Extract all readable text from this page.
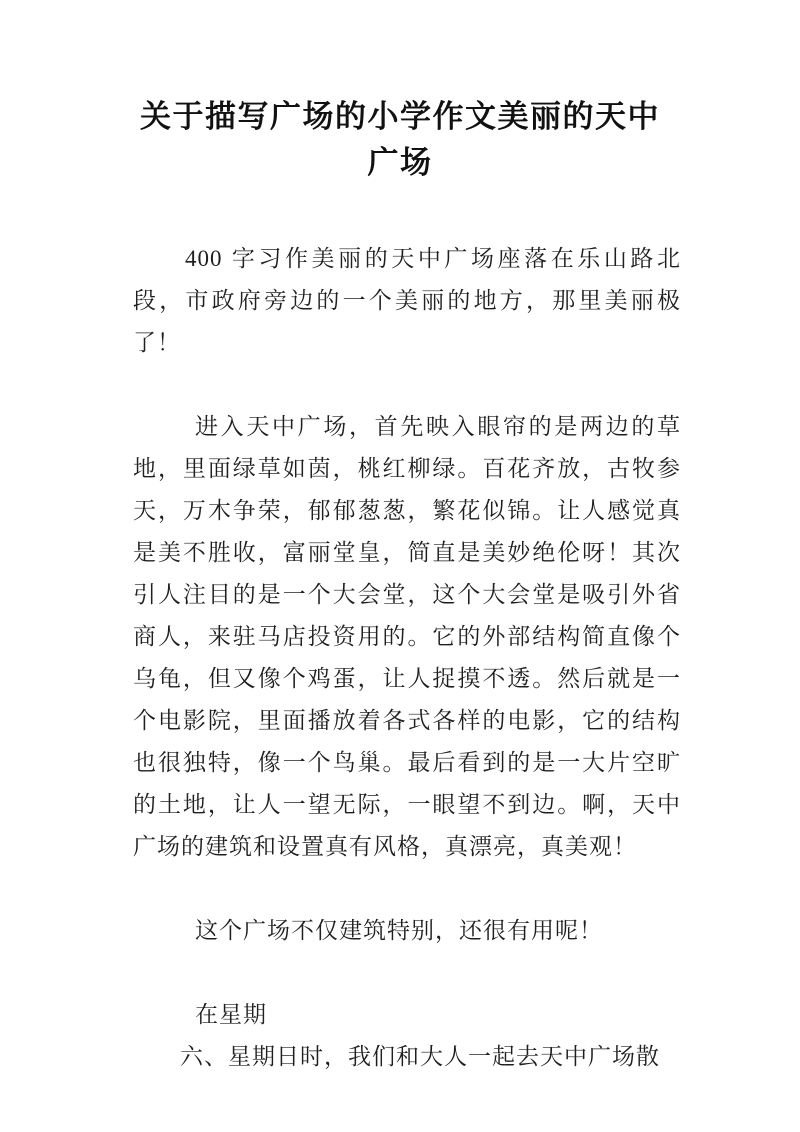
关于描写广场的小学作文美丽的天中广场

400 字习作美丽的天中广场座落在乐山路北段，市政府旁边的一个美丽的地方，那里美丽极了！

进入天中广场，首先映入眼帘的是两边的草地，里面绿草如茵，桃红柳绿。百花齐放，古牧参天，万木争荣，郁郁葱葱，繁花似锦。让人感觉真是美不胜收，富丽堂皇，简直是美妙绝伦呀！其次引人注目的是一个大会堂，这个大会堂是吸引外省商人，来驻马店投资用的。它的外部结构简直像个乌龟，但又像个鸡蛋，让人捉摸不透。然后就是一个电影院，里面播放着各式各样的电影，它的结构也很独特，像一个鸟巢。最后看到的是一大片空旷的土地，让人一望无际，一眼望不到边。啊，天中广场的建筑和设置真有风格，真漂亮，真美观！

这个广场不仅建筑特别，还很有用呢！

在星期

六、星期日时，我们和大人一起去天中广场散
